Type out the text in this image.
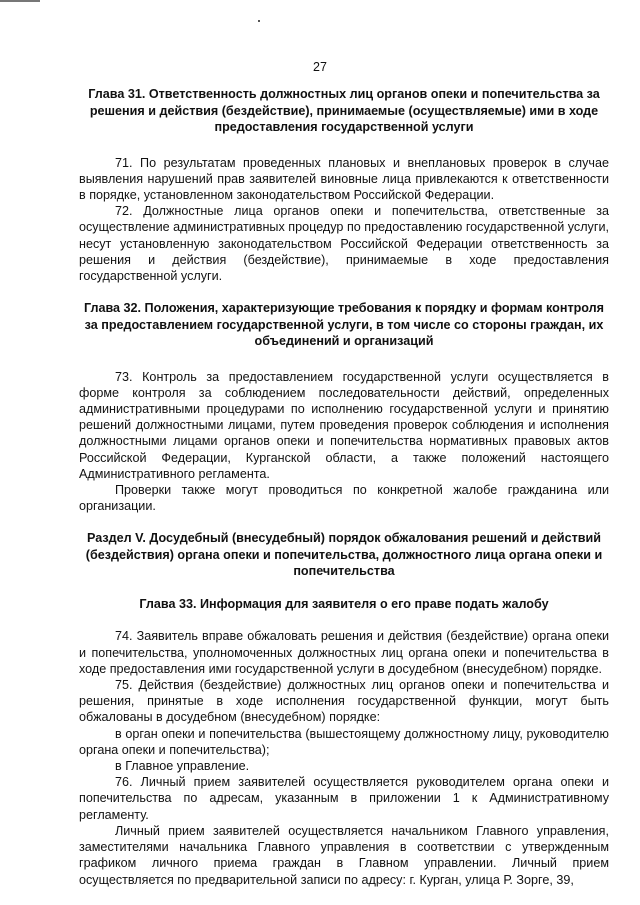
27
Глава 31. Ответственность должностных лиц органов опеки и попечительства за решения и действия (бездействие), принимаемые (осуществляемые) ими в ходе предоставления государственной услуги

71. По результатам проведенных плановых и внеплановых проверок в случае выявления нарушений прав заявителей виновные лица привлекаются к ответственности в порядке, установленном законодательством Российской Федерации.

72. Должностные лица органов опеки и попечительства, ответственные за осуществление административных процедур по предоставлению государственной услуги, несут установленную законодательством Российской Федерации ответственность за решения и действия (бездействие), принимаемые в ходе предоставления государственной услуги.

Глава 32. Положения, характеризующие требования к порядку и формам контроля за предоставлением государственной услуги, в том числе со стороны граждан, их объединений и организаций

73. Контроль за предоставлением государственной услуги осуществляется в форме контроля за соблюдением последовательности действий, определенных административными процедурами по исполнению государственной услуги и принятию решений должностными лицами, путем проведения проверок соблюдения и исполнения должностными лицами органов опеки и попечительства нормативных правовых актов Российской Федерации, Курганской области, а также положений настоящего Административного регламента.

Проверки также могут проводиться по конкретной жалобе гражданина или организации.

Раздел V. Досудебный (внесудебный) порядок обжалования решений и действий (бездействия) органа опеки и попечительства, должностного лица органа опеки и попечительства
Глава 33. Информация для заявителя о его праве подать жалобу

74. Заявитель вправе обжаловать решения и действия (бездействие) органа опеки и попечительства, уполномоченных должностных лиц органа опеки и попечительства в ходе предоставления ими государственной услуги в досудебном (внесудебном) порядке.

75. Действия (бездействие) должностных лиц органов опеки и попечительства и решения, принятые в ходе исполнения государственной функции, могут быть обжалованы в досудебном (внесудебном) порядке:

в орган опеки и попечительства (вышестоящему должностному лицу, руководителю органа опеки и попечительства);

в Главное управление.

76. Личный прием заявителей осуществляется руководителем органа опеки и попечительства по адресам, указанным в приложении 1 к Административному регламенту.

Личный прием заявителей осуществляется начальником Главного управления, заместителями начальника Главного управления в соответствии с утвержденным графиком личного приема граждан в Главном управлении. Личный прием осуществляется по предварительной записи по адресу: г. Курган, улица Р. Зорге, 39,
